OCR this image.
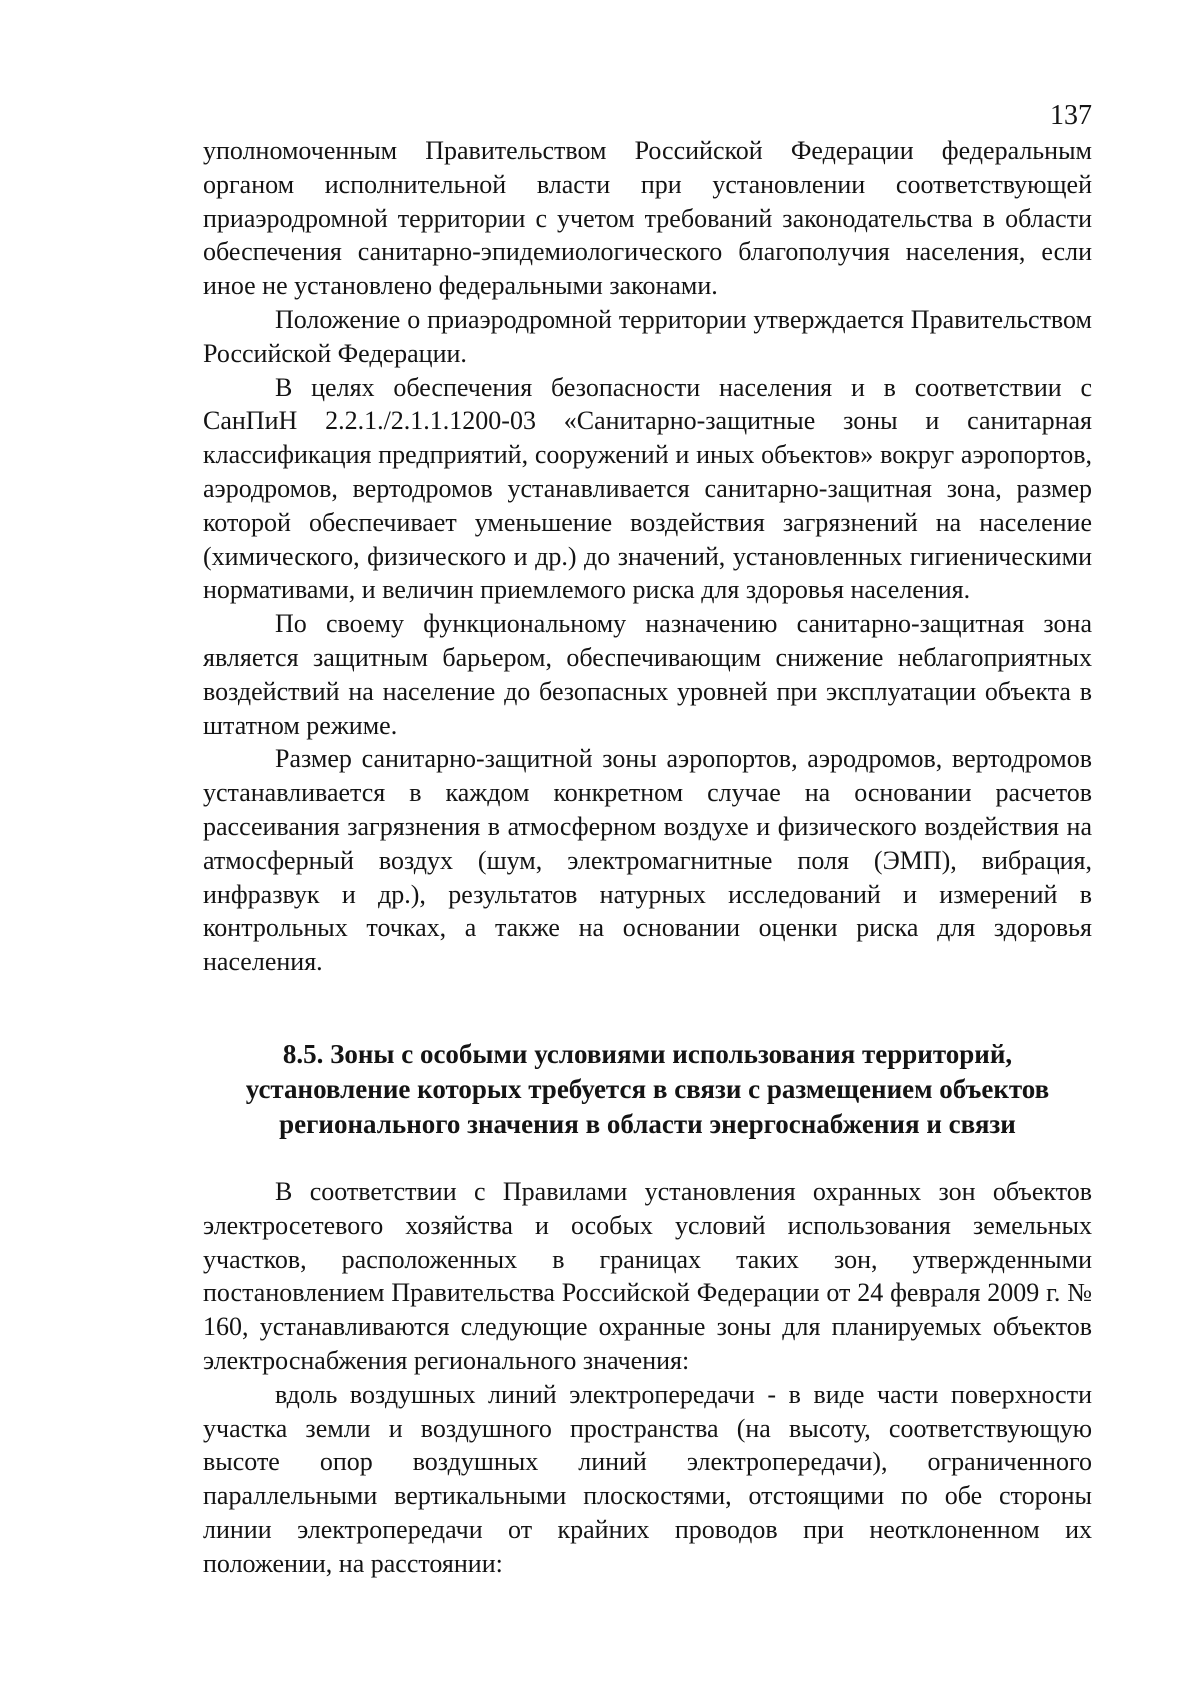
137

уполномоченным Правительством Российской Федерации федеральным органом исполнительной власти при установлении соответствующей приаэродромной территории с учетом требований законодательства в области обеспечения санитарно-эпидемиологического благополучия населения, если иное не установлено федеральными законами.

Положение о приаэродромной территории утверждается Правительством Российской Федерации.

В целях обеспечения безопасности населения и в соответствии с СанПиН 2.2.1./2.1.1.1200-03 «Санитарно-защитные зоны и санитарная классификация предприятий, сооружений и иных объектов» вокруг аэропортов, аэродромов, вертодромов устанавливается санитарно-защитная зона, размер которой обеспечивает уменьшение воздействия загрязнений на население (химического, физического и др.) до значений, установленных гигиеническими нормативами, и величин приемлемого риска для здоровья населения.

По своему функциональному назначению санитарно-защитная зона является защитным барьером, обеспечивающим снижение неблагоприятных воздействий на население до безопасных уровней при эксплуатации объекта в штатном режиме.

Размер санитарно-защитной зоны аэропортов, аэродромов, вертодромов устанавливается в каждом конкретном случае на основании расчетов рассеивания загрязнения в атмосферном воздухе и физического воздействия на атмосферный воздух (шум, электромагнитные поля (ЭМП), вибрация, инфразвук и др.), результатов натурных исследований и измерений в контрольных точках, а также на основании оценки риска для здоровья населения.

8.5. Зоны с особыми условиями использования территорий, установление которых требуется в связи с размещением объектов регионального значения в области энергоснабжения и связи

В соответствии с Правилами установления охранных зон объектов электросетевого хозяйства и особых условий использования земельных участков, расположенных в границах таких зон, утвержденными постановлением Правительства Российской Федерации от 24 февраля 2009 г. № 160, устанавливаются следующие охранные зоны для планируемых объектов электроснабжения регионального значения:

вдоль воздушных линий электропередачи - в виде части поверхности участка земли и воздушного пространства (на высоту, соответствующую высоте опор воздушных линий электропередачи), ограниченного параллельными вертикальными плоскостями, отстоящими по обе стороны линии электропередачи от крайних проводов при неотклоненном их положении, на расстоянии:
